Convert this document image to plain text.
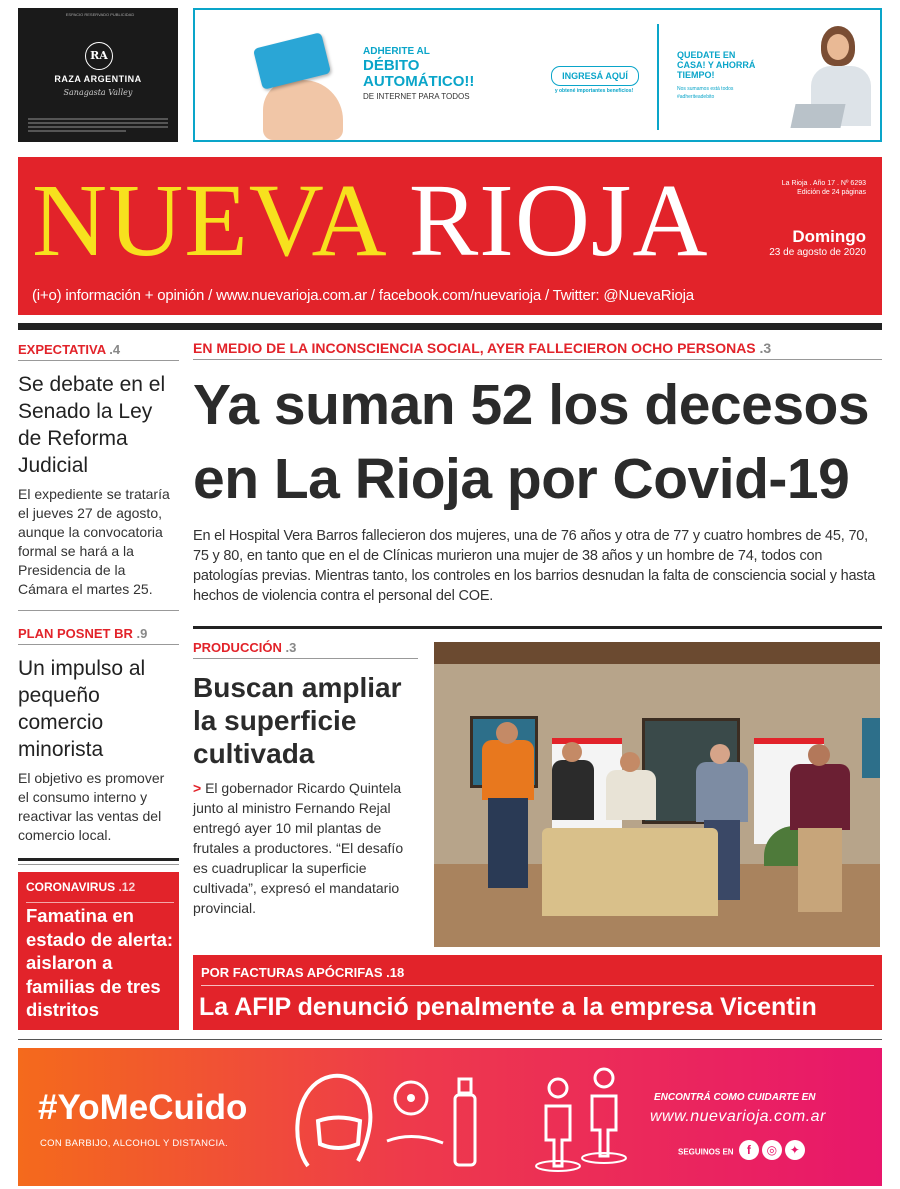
ESPACIO RESERVADO PUBLICIDAD
RA
RAZA ARGENTINA
Sanagasta Valley
ADHERITE AL
DÉBITO
AUTOMÁTICO!!
DE INTERNET PARA TODOS
INGRESÁ AQUÍ
y obtené importantes beneficios!
QUEDATE EN
CASA! Y AHORRÁ
TIEMPO!
Nos sumamos está todos
#adheriteadebito
NUEVA RIOJA	La Rioja . Año 17 . Nº 6293
Edición de 24 páginas
Domingo
23 de agosto de 2020
(i+o) información + opinión / www.nuevarioja.com.ar / facebook.com/nuevarioja / Twitter: @NuevaRioja
EXPECTATIVA .4
Se debate en el Senado la Ley de Reforma Judicial
El expediente se trataría el jueves 27 de agosto, aunque la convocatoria formal se hará a la Presidencia de la Cámara el martes 25.
PLAN POSNET BR .9
Un impulso al pequeño comercio minorista
El objetivo es promover el consumo interno y reactivar las ventas del comercio local.
CORONAVIRUS .12
Famatina en estado de alerta: aislaron a familias de tres distritos
EN MEDIO DE LA INCONSCIENCIA SOCIAL, AYER FALLECIERON OCHO PERSONAS .3
Ya suman 52 los decesos
en La Rioja por Covid-19
En el Hospital Vera Barros fallecieron dos mujeres, una de 76 años y otra de 77 y cuatro hombres de 45, 70, 75 y 80, en tanto que en el de Clínicas murieron una mujer de 38 años y un hombre de 74, todos con patologías previas. Mientras tanto, los controles en los barrios desnudan la falta de consciencia social y hasta hechos de violencia contra el personal del COE.
PRODUCCIÓN .3
Buscan ampliar la superficie cultivada
> El gobernador Ricardo Quintela junto al ministro Fernando Rejal entregó ayer 10 mil plantas de frutales a productores. “El desafío es cuadruplicar la superficie cultivada”, expresó el mandatario provincial.
POR FACTURAS APÓCRIFAS .18
La AFIP denunció penalmente a la empresa Vicentin
#YoMeCuido
CON BARBIJO, ALCOHOL Y DISTANCIA.
ENCONTRÁ COMO CUIDARTE EN
www.nuevarioja.com.ar
SEGUINOS EN f ◎ ✦
